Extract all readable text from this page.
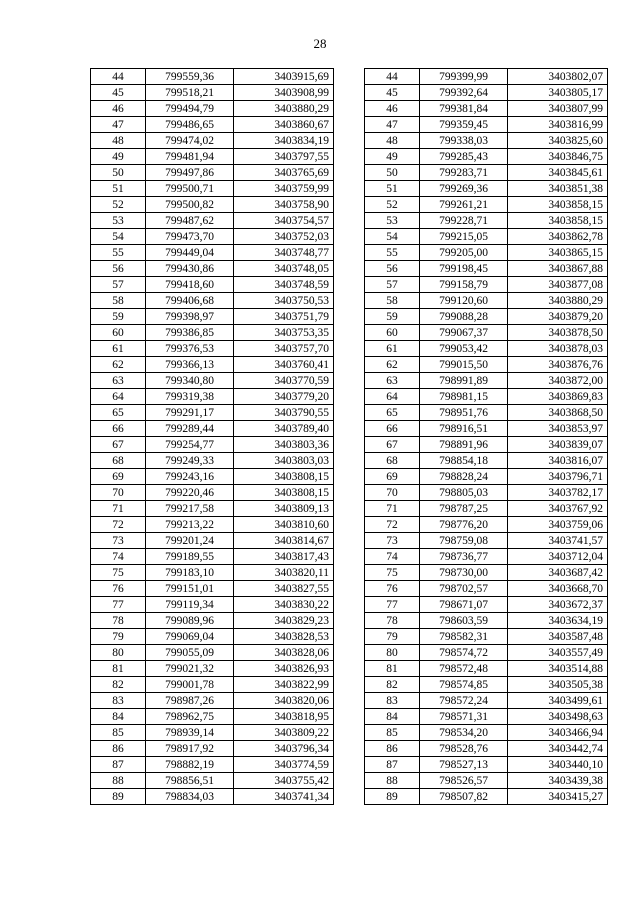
28
44	799559,36	3403915,69
45	799518,21	3403908,99
46	799494,79	3403880,29
47	799486,65	3403860,67
48	799474,02	3403834,19
49	799481,94	3403797,55
50	799497,86	3403765,69
51	799500,71	3403759,99
52	799500,82	3403758,90
53	799487,62	3403754,57
54	799473,70	3403752,03
55	799449,04	3403748,77
56	799430,86	3403748,05
57	799418,60	3403748,59
58	799406,68	3403750,53
59	799398,97	3403751,79
60	799386,85	3403753,35
61	799376,53	3403757,70
62	799366,13	3403760,41
63	799340,80	3403770,59
64	799319,38	3403779,20
65	799291,17	3403790,55
66	799289,44	3403789,40
67	799254,77	3403803,36
68	799249,33	3403803,03
69	799243,16	3403808,15
70	799220,46	3403808,15
71	799217,58	3403809,13
72	799213,22	3403810,60
73	799201,24	3403814,67
74	799189,55	3403817,43
75	799183,10	3403820,11
76	799151,01	3403827,55
77	799119,34	3403830,22
78	799089,96	3403829,23
79	799069,04	3403828,53
80	799055,09	3403828,06
81	799021,32	3403826,93
82	799001,78	3403822,99
83	798987,26	3403820,06
84	798962,75	3403818,95
85	798939,14	3403809,22
86	798917,92	3403796,34
87	798882,19	3403774,59
88	798856,51	3403755,42
89	798834,03	3403741,34
44	799399,99	3403802,07
45	799392,64	3403805,17
46	799381,84	3403807,99
47	799359,45	3403816,99
48	799338,03	3403825,60
49	799285,43	3403846,75
50	799283,71	3403845,61
51	799269,36	3403851,38
52	799261,21	3403858,15
53	799228,71	3403858,15
54	799215,05	3403862,78
55	799205,00	3403865,15
56	799198,45	3403867,88
57	799158,79	3403877,08
58	799120,60	3403880,29
59	799088,28	3403879,20
60	799067,37	3403878,50
61	799053,42	3403878,03
62	799015,50	3403876,76
63	798991,89	3403872,00
64	798981,15	3403869,83
65	798951,76	3403868,50
66	798916,51	3403853,97
67	798891,96	3403839,07
68	798854,18	3403816,07
69	798828,24	3403796,71
70	798805,03	3403782,17
71	798787,25	3403767,92
72	798776,20	3403759,06
73	798759,08	3403741,57
74	798736,77	3403712,04
75	798730,00	3403687,42
76	798702,57	3403668,70
77	798671,07	3403672,37
78	798603,59	3403634,19
79	798582,31	3403587,48
80	798574,72	3403557,49
81	798572,48	3403514,88
82	798574,85	3403505,38
83	798572,24	3403499,61
84	798571,31	3403498,63
85	798534,20	3403466,94
86	798528,76	3403442,74
87	798527,13	3403440,10
88	798526,57	3403439,38
89	798507,82	3403415,27
